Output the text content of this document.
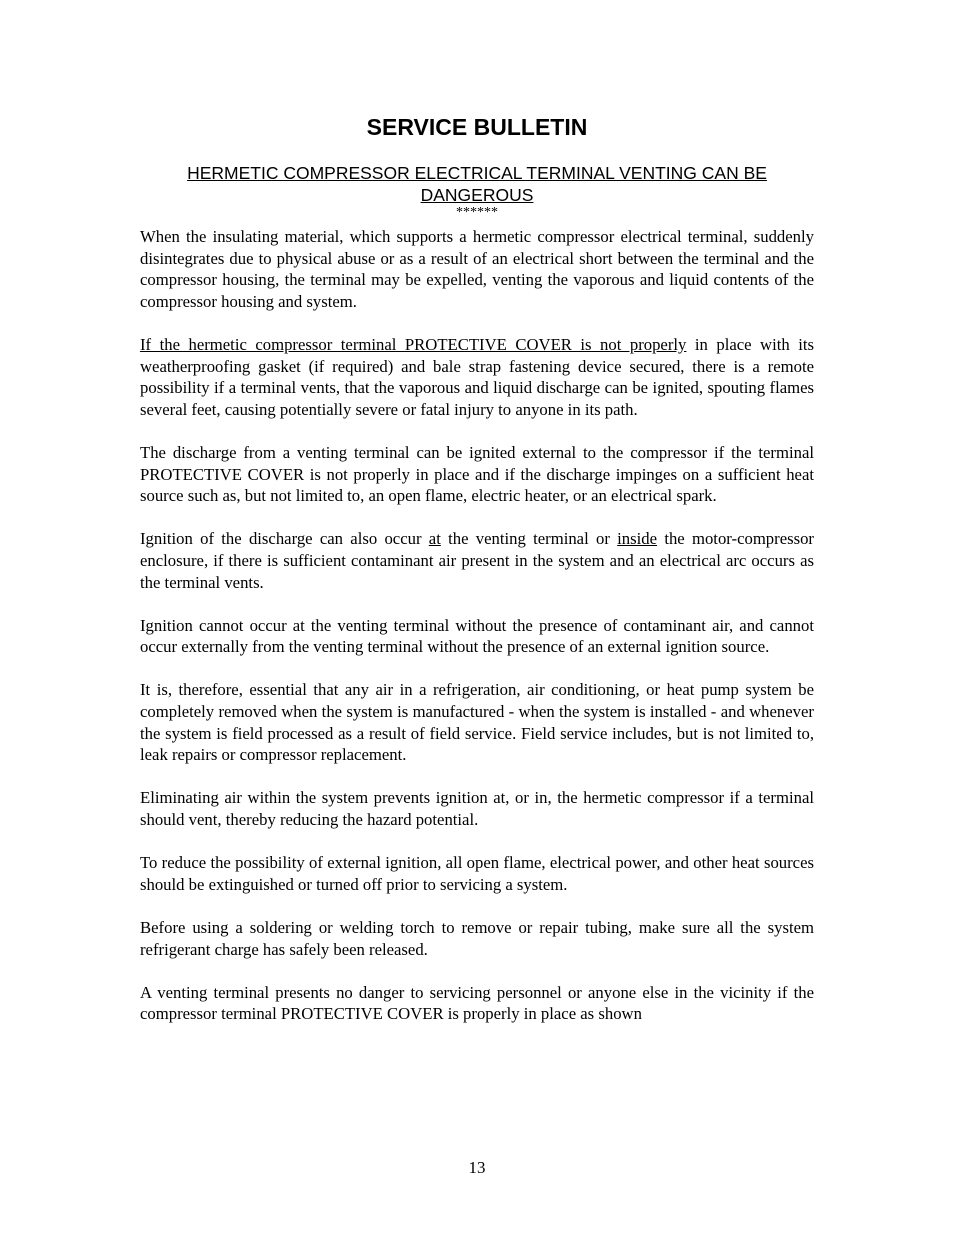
SERVICE BULLETIN
HERMETIC COMPRESSOR ELECTRICAL TERMINAL VENTING CAN BE DANGEROUS
******

When the insulating material, which supports a hermetic compressor electrical terminal, suddenly disintegrates due to physical abuse or as a result of an electrical short between the terminal and the compressor housing, the terminal may be expelled, venting the vaporous and liquid contents of the compressor housing and system.

If the hermetic compressor terminal PROTECTIVE COVER is not properly in place with its weatherproofing gasket (if required) and bale strap fastening device secured, there is a remote possibility if a terminal vents, that the vaporous and liquid discharge can be ignited, spouting flames several feet, causing potentially severe or fatal injury to anyone in its path.

The discharge from a venting terminal can be ignited external to the compressor if the terminal PROTECTIVE COVER is not properly in place and if the discharge impinges on a sufficient heat source such as, but not limited to, an open flame, electric heater, or an electrical spark.

Ignition of the discharge can also occur at the venting terminal or inside the motor-compressor enclosure, if there is sufficient contaminant air present in the system and an electrical arc occurs as the terminal vents.

Ignition cannot occur at the venting terminal without the presence of contaminant air, and cannot occur externally from the venting terminal without the presence of an external ignition source.

It is, therefore, essential that any air in a refrigeration, air conditioning, or heat pump system be completely removed when the system is manufactured - when the system is installed - and whenever the system is field processed as a result of field service. Field service includes, but is not limited to, leak repairs or compressor replacement.

Eliminating air within the system prevents ignition at, or in, the hermetic compressor if a terminal should vent, thereby reducing the hazard potential.

To reduce the possibility of external ignition, all open flame, electrical power, and other heat sources should be extinguished or turned off prior to servicing a system.

Before using a soldering or welding torch to remove or repair tubing, make sure all the system refrigerant charge has safely been released.

A venting terminal presents no danger to servicing personnel or anyone else in the vicinity if the compressor terminal PROTECTIVE COVER is properly in place as shown

13
